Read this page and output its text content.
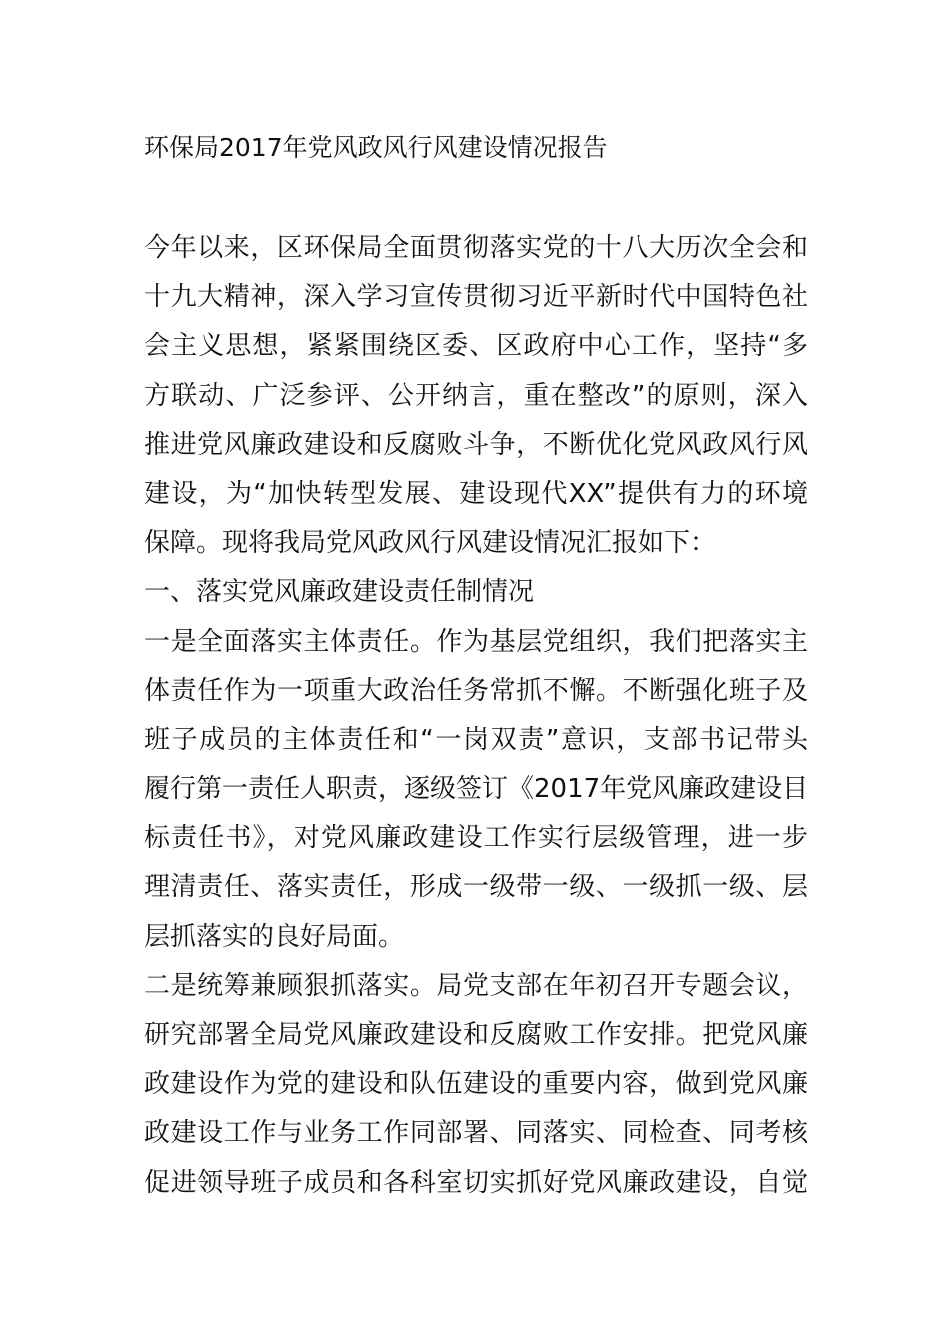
环保局2017年党风政风行风建设情况报告
今年以来，区环保局全面贯彻落实党的十八大历次全会和
十九大精神，深入学习宣传贯彻习近平新时代中国特色社
会主义思想，紧紧围绕区委、区政府中心工作，坚持“多
方联动、广泛参评、公开纳言，重在整改”的原则，深入
推进党风廉政建设和反腐败斗争，不断优化党风政风行风
建设，为“加快转型发展、建设现代XX”提供有力的环境
保障。现将我局党风政风行风建设情况汇报如下：
一、落实党风廉政建设责任制情况
一是全面落实主体责任。作为基层党组织，我们把落实主
体责任作为一项重大政治任务常抓不懈。不断强化班子及
班子成员的主体责任和“一岗双责”意识，支部书记带头
履行第一责任人职责，逐级签订《2017年党风廉政建设目
标责任书》，对党风廉政建设工作实行层级管理，进一步
理清责任、落实责任，形成一级带一级、一级抓一级、层
层抓落实的良好局面。
二是统筹兼顾狠抓落实。局党支部在年初召开专题会议，
研究部署全局党风廉政建设和反腐败工作安排。把党风廉
政建设作为党的建设和队伍建设的重要内容，做到党风廉
政建设工作与业务工作同部署、同落实、同检查、同考核
促进领导班子成员和各科室切实抓好党风廉政建设，自觉
